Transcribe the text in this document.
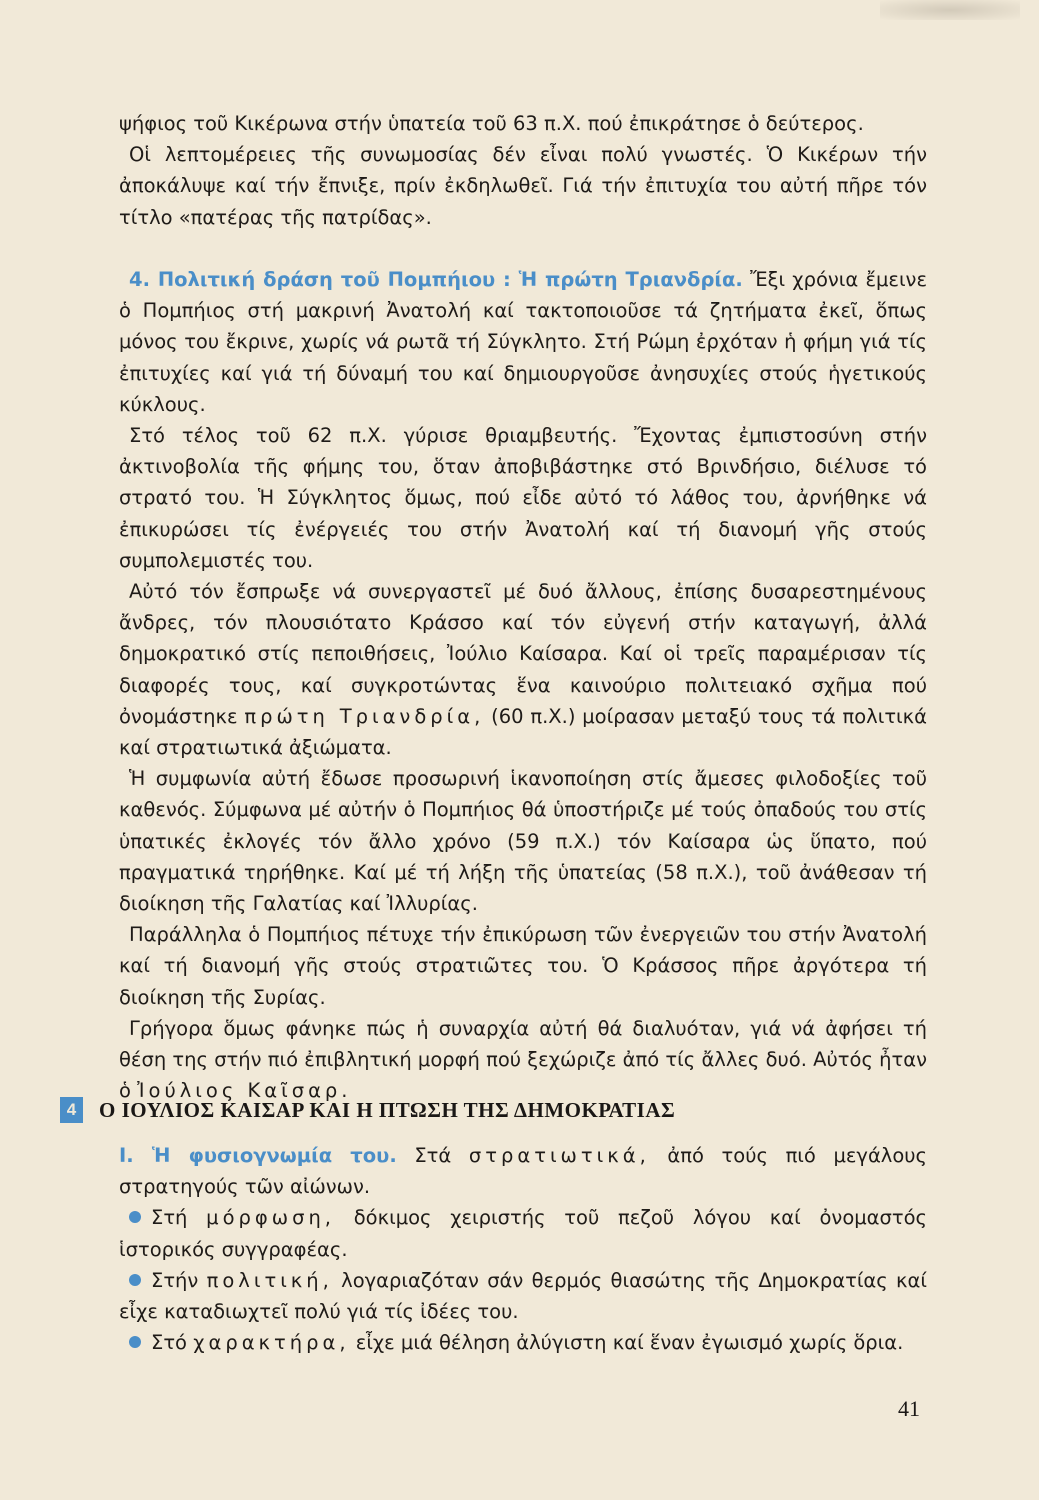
ψήφιος τοῦ Κικέρωνα στήν ὑπατεία τοῦ 63 π.Χ. πού ἐπικράτησε ὁ δεύτερος.

Οἱ λεπτομέρειες τῆς συνωμοσίας δέν εἶναι πολύ γνωστές. Ὁ Κικέρων τήν ἀποκάλυψε καί τήν ἔπνιξε, πρίν ἐκδηλωθεῖ. Γιά τήν ἐπιτυχία του αὐτή πῆρε τόν τίτλο «πατέρας τῆς πατρίδας».

4. Πολιτική δράση τοῦ Πομπήιου : Ἡ πρώτη Τριανδρία. Ἔξι χρόνια ἔμεινε ὁ Πομπήιος στή μακρινή Ἀνατολή καί τακτοποιοῦσε τά ζητήματα ἐκεῖ, ὅπως μόνος του ἔκρινε, χωρίς νά ρωτᾶ τή Σύγκλητο. Στή Ρώμη ἐρχόταν ἡ φήμη γιά τίς ἐπιτυχίες καί γιά τή δύναμή του καί δημιουργοῦσε ἀνησυχίες στούς ἡγετικούς κύκλους.

Στό τέλος τοῦ 62 π.Χ. γύρισε θριαμβευτής. Ἔχοντας ἐμπιστοσύνη στήν ἀκτινοβολία τῆς φήμης του, ὅταν ἀποβιβάστηκε στό Βρινδήσιο, διέλυσε τό στρατό του. Ἡ Σύγκλητος ὅμως, πού εἶδε αὐτό τό λάθος του, ἀρνήθηκε νά ἐπικυρώσει τίς ἐνέργειές του στήν Ἀνατολή καί τή διανομή γῆς στούς συμπολεμιστές του.

Αὐτό τόν ἔσπρωξε νά συνεργαστεῖ μέ δυό ἄλλους, ἐπίσης δυσαρεστημένους ἄνδρες, τόν πλουσιότατο Κράσσο καί τόν εὐγενή στήν καταγωγή, ἀλλά δημοκρατικό στίς πεποιθήσεις, Ἰούλιο Καίσαρα. Καί οἱ τρεῖς παραμέρισαν τίς διαφορές τους, καί συγκροτώντας ἕνα καινούριο πολιτειακό σχῆμα πού ὀνομάστηκε πρώτη Τριανδρία, (60 π.Χ.) μοίρασαν μεταξύ τους τά πολιτικά καί στρατιωτικά ἀξιώματα.

Ἡ συμφωνία αὐτή ἔδωσε προσωρινή ἱκανοποίηση στίς ἄμεσες φιλοδοξίες τοῦ καθενός. Σύμφωνα μέ αὐτήν ὁ Πομπήιος θά ὑποστήριζε μέ τούς ὀπαδούς του στίς ὑπατικές ἐκλογές τόν ἄλλο χρόνο (59 π.Χ.) τόν Καίσαρα ὡς ὕπατο, πού πραγματικά τηρήθηκε. Καί μέ τή λήξη τῆς ὑπατείας (58 π.Χ.), τοῦ ἀνάθεσαν τή διοίκηση τῆς Γαλατίας καί Ἰλλυρίας.

Παράλληλα ὁ Πομπήιος πέτυχε τήν ἐπικύρωση τῶν ἐνεργειῶν του στήν Ἀνατολή καί τή διανομή γῆς στούς στρατιῶτες του. Ὁ Κράσσος πῆρε ἀργότερα τή διοίκηση τῆς Συρίας.

Γρήγορα ὅμως φάνηκε πώς ἡ συναρχία αὐτή θά διαλυόταν, γιά νά ἀφήσει τή θέση της στήν πιό ἐπιβλητική μορφή πού ξεχώριζε ἀπό τίς ἄλλες δυό. Αὐτός ἦταν ὁ Ἰούλιος Καῖσαρ.

4	Ο ΙΟΥΛΙΟΣ ΚΑΙΣΑΡ ΚΑΙ Η ΠΤΩΣΗ ΤΗΣ ΔΗΜΟΚΡΑΤΙΑΣ

Ι. Ἡ φυσιογνωμία του. Στά στρατιωτικά, ἀπό τούς πιό μεγάλους στρατηγούς τῶν αἰώνων.

Στή μόρφωση, δόκιμος χειριστής τοῦ πεζοῦ λόγου καί ὀνομαστός ἱστορικός συγγραφέας.

Στήν πολιτική, λογαριαζόταν σάν θερμός θιασώτης τῆς Δημοκρατίας καί εἶχε καταδιωχτεῖ πολύ γιά τίς ἰδέες του.

Στό χαρακτήρα, εἶχε μιά θέληση ἀλύγιστη καί ἕναν ἐγωισμό χωρίς ὅρια.

41
